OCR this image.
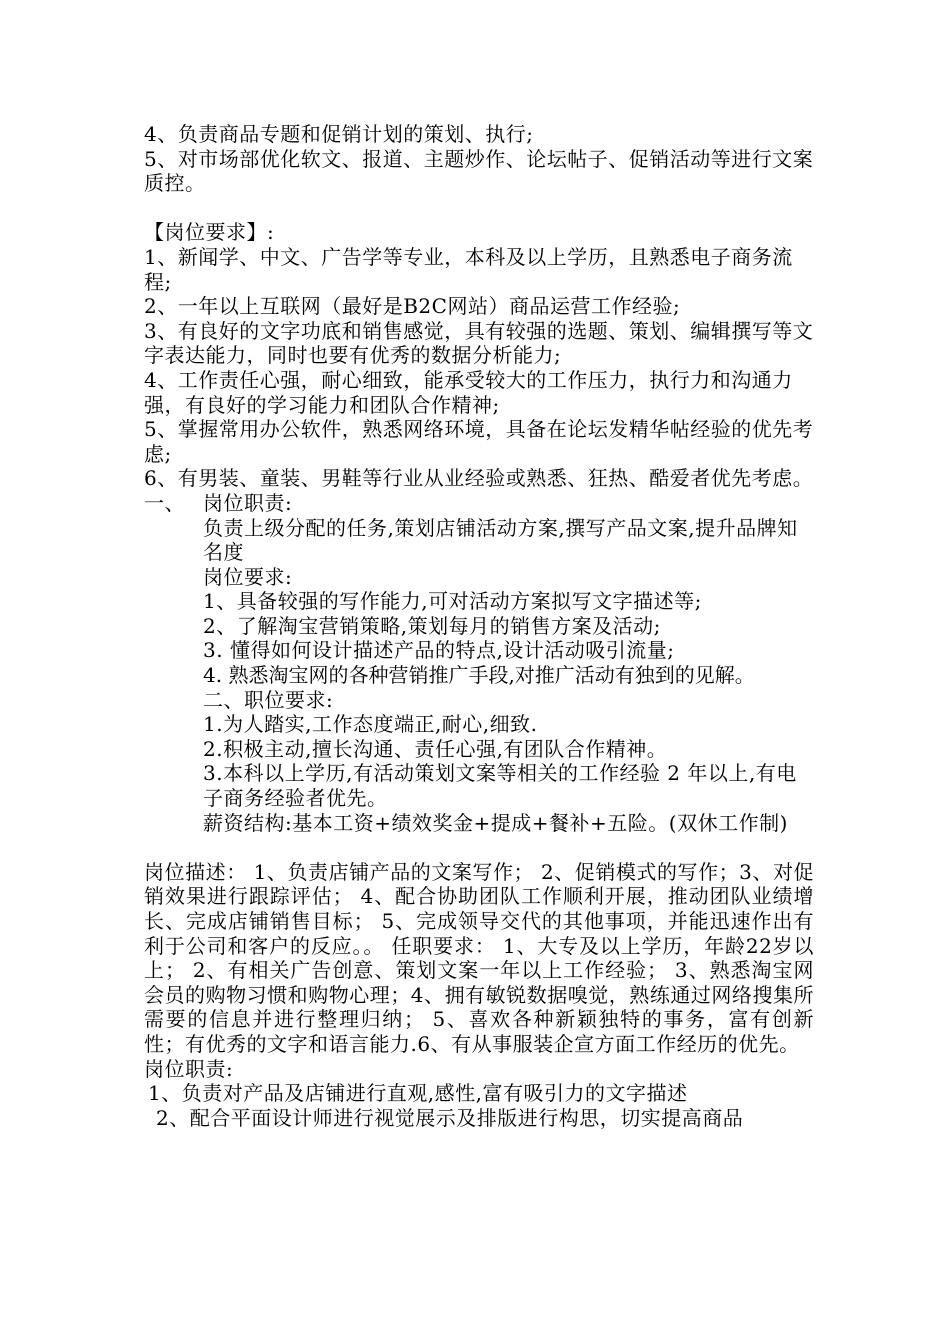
4、负责商品专题和促销计划的策划、执行;

5、对市场部优化软文、报道、主题炒作、论坛帖子、促销活动等进行文案质控。

【岗位要求】:

1、新闻学、中文、广告学等专业，本科及以上学历，且熟悉电子商务流程;

2、一年以上互联网（最好是B2C网站）商品运营工作经验;

3、有良好的文字功底和销售感觉，具有较强的选题、策划、编辑撰写等文字表达能力，同时也要有优秀的数据分析能力;

4、工作责任心强，耐心细致，能承受较大的工作压力，执行力和沟通力强，有良好的学习能力和团队合作精神;

5、掌握常用办公软件，熟悉网络环境，具备在论坛发精华帖经验的优先考虑;

6、有男装、童装、男鞋等行业从业经验或熟悉、狂热、酷爱者优先考虑。

一、 岗位职责:

负责上级分配的任务,策划店铺活动方案,撰写产品文案,提升品牌知名度

岗位要求:

1、具备较强的写作能力,可对活动方案拟写文字描述等;

2、了解淘宝营销策略,策划每月的销售方案及活动;

3. 懂得如何设计描述产品的特点,设计活动吸引流量;

4. 熟悉淘宝网的各种营销推广手段,对推广活动有独到的见解。

二、职位要求:

1.为人踏实,工作态度端正,耐心,细致.

2.积极主动,擅长沟通、责任心强,有团队合作精神。

3.本科以上学历,有活动策划文案等相关的工作经验 2 年以上,有电子商务经验者优先。

薪资结构:基本工资+绩效奖金+提成+餐补+五险。(双休工作制)

岗位描述： 1、负责店铺产品的文案写作； 2、促销模式的写作；3、对促销效果进行跟踪评估； 4、配合协助团队工作顺利开展，推动团队业绩增长、完成店铺销售目标； 5、完成领导交代的其他事项，并能迅速作出有利于公司和客户的反应。。 任职要求： 1、大专及以上学历，年龄22岁以上； 2、有相关广告创意、策划文案一年以上工作经验； 3、熟悉淘宝网会员的购物习惯和购物心理；4、拥有敏锐数据嗅觉，熟练通过网络搜集所需要的信息并进行整理归纳； 5、喜欢各种新颖独特的事务，富有创新性；有优秀的文字和语言能力.6、有从事服装企宣方面工作经历的优先。

岗位职责:

1、负责对产品及店铺进行直观,感性,富有吸引力的文字描述

2、配合平面设计师进行视觉展示及排版进行构思，切实提高商品
